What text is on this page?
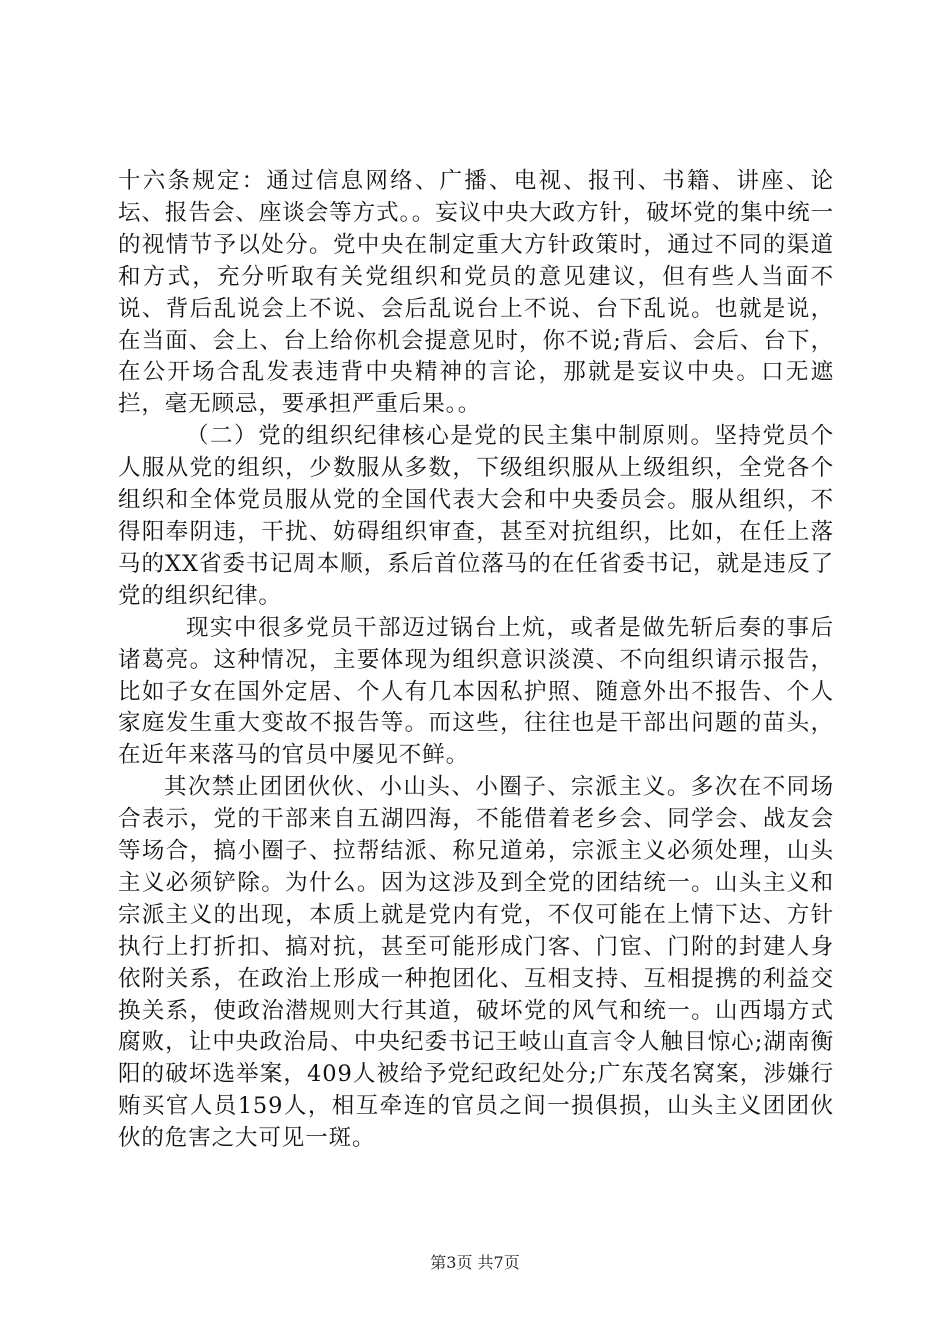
十六条规定：通过信息网络、广播、电视、报刊、书籍、讲座、论坛、报告会、座谈会等方式。。妄议中央大政方针，破坏党的集中统一的视情节予以处分。党中央在制定重大方针政策时，通过不同的渠道和方式，充分听取有关党组织和党员的意见建议，但有些人当面不说、背后乱说会上不说、会后乱说台上不说、台下乱说。也就是说，在当面、会上、台上给你机会提意见时，你不说;背后、会后、台下，在公开场合乱发表违背中央精神的言论，那就是妄议中央。口无遮拦，毫无顾忌，要承担严重后果。。

（二）党的组织纪律核心是党的民主集中制原则。坚持党员个人服从党的组织，少数服从多数，下级组织服从上级组织，全党各个组织和全体党员服从党的全国代表大会和中央委员会。服从组织，不得阳奉阴违，干扰、妨碍组织审查，甚至对抗组织，比如，在任上落马的XX省委书记周本顺，系后首位落马的在任省委书记，就是违反了党的组织纪律。

现实中很多党员干部迈过锅台上炕，或者是做先斩后奏的事后诸葛亮。这种情况，主要体现为组织意识淡漠、不向组织请示报告，比如子女在国外定居、个人有几本因私护照、随意外出不报告、个人家庭发生重大变故不报告等。而这些，往往也是干部出问题的苗头，在近年来落马的官员中屡见不鲜。

其次禁止团团伙伙、小山头、小圈子、宗派主义。多次在不同场合表示，党的干部来自五湖四海，不能借着老乡会、同学会、战友会等场合，搞小圈子、拉帮结派、称兄道弟，宗派主义必须处理，山头主义必须铲除。为什么。因为这涉及到全党的团结统一。山头主义和宗派主义的出现，本质上就是党内有党，不仅可能在上情下达、方针执行上打折扣、搞对抗，甚至可能形成门客、门宦、门附的封建人身依附关系，在政治上形成一种抱团化、互相支持、互相提携的利益交换关系，使政治潜规则大行其道，破坏党的风气和统一。山西塌方式腐败，让中央政治局、中央纪委书记王岐山直言令人触目惊心;湖南衡阳的破坏选举案，409人被给予党纪政纪处分;广东茂名窝案，涉嫌行贿买官人员159人，相互牵连的官员之间一损俱损，山头主义团团伙伙的危害之大可见一斑。

第3页 共7页
